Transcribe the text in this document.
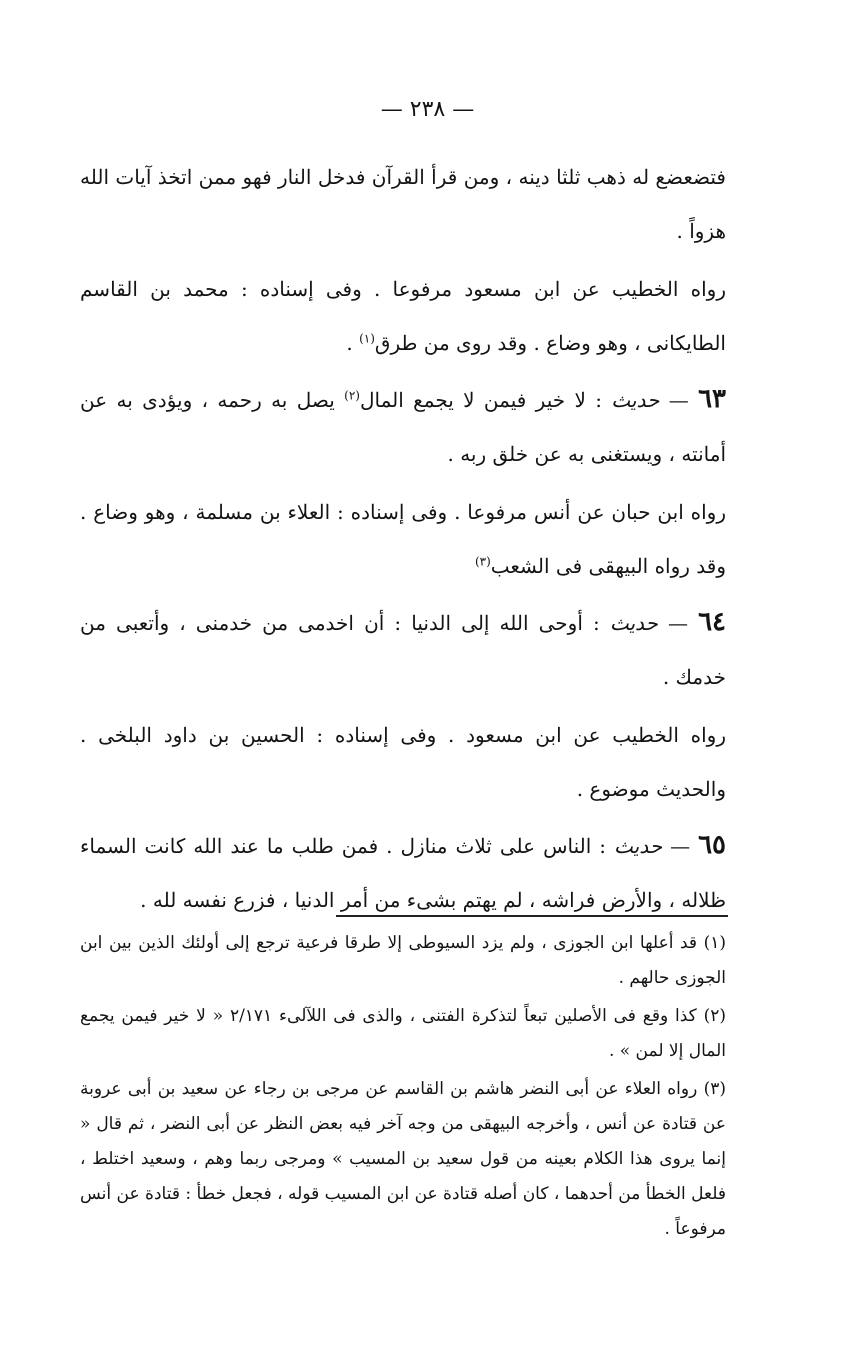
— ٢٣٨ —

فتضعضع له ذهب ثلثا دينه ، ومن قرأ القرآن فدخل النار فهو ممن اتخذ آيات الله هزواً .

رواه الخطيب عن ابن مسعود مرفوعا . وفى إسناده : محمد بن القاسم الطايكانى ، وهو وضاع . وقد روى من طرق$^{(١)}$ .

٦٣ — حديث : لا خير فيمن لا يجمع المال$^{(٢)}$ يصل به رحمه ، ويؤدى به عن أمانته ، ويستغنى به عن خلق ربه .

رواه ابن حبان عن أنس مرفوعا . وفى إسناده : العلاء بن مسلمة ، وهو وضاع . وقد رواه البيهقى فى الشعب$^{(٣)}$

٦٤ — حديث : أوحى الله إلى الدنيا : أن اخدمى من خدمنى ، وأتعبى من خدمك .

رواه الخطيب عن ابن مسعود . وفى إسناده : الحسين بن داود البلخى . والحديث موضوع .

٦٥ — حديث : الناس على ثلاث منازل . فمن طلب ما عند الله كانت السماء ظلاله ، والأرض فراشه ، لم يهتم بشىء من أمر الدنيا ، فزرع نفسه لله .

(١) قد أعلها ابن الجوزى ، ولم يزد السيوطى إلا طرقا فرعية ترجع إلى أولئك الذين بين ابن الجوزى حالهم .

(٢) كذا وقع فى الأصلين تبعاً لتذكرة الفتنى ، والذى فى اللآلىء ٢/١٧١ « لا خير فيمن يجمع المال إلا لمن » .

(٣) رواه العلاء عن أبى النضر هاشم بن القاسم عن مرجى بن رجاء عن سعيد بن أبى عروبة عن قتادة عن أنس ، وأخرجه البيهقى من وجه آخر فيه بعض النظر عن أبى النضر ، ثم قال « إنما يروى هذا الكلام بعينه من قول سعيد بن المسيب » ومرجى ربما وهم ، وسعيد اختلط ، فلعل الخطأ من أحدهما ، كان أصله قتادة عن ابن المسيب قوله ، فجعل خطأ : قتادة عن أنس مرفوعاً .
